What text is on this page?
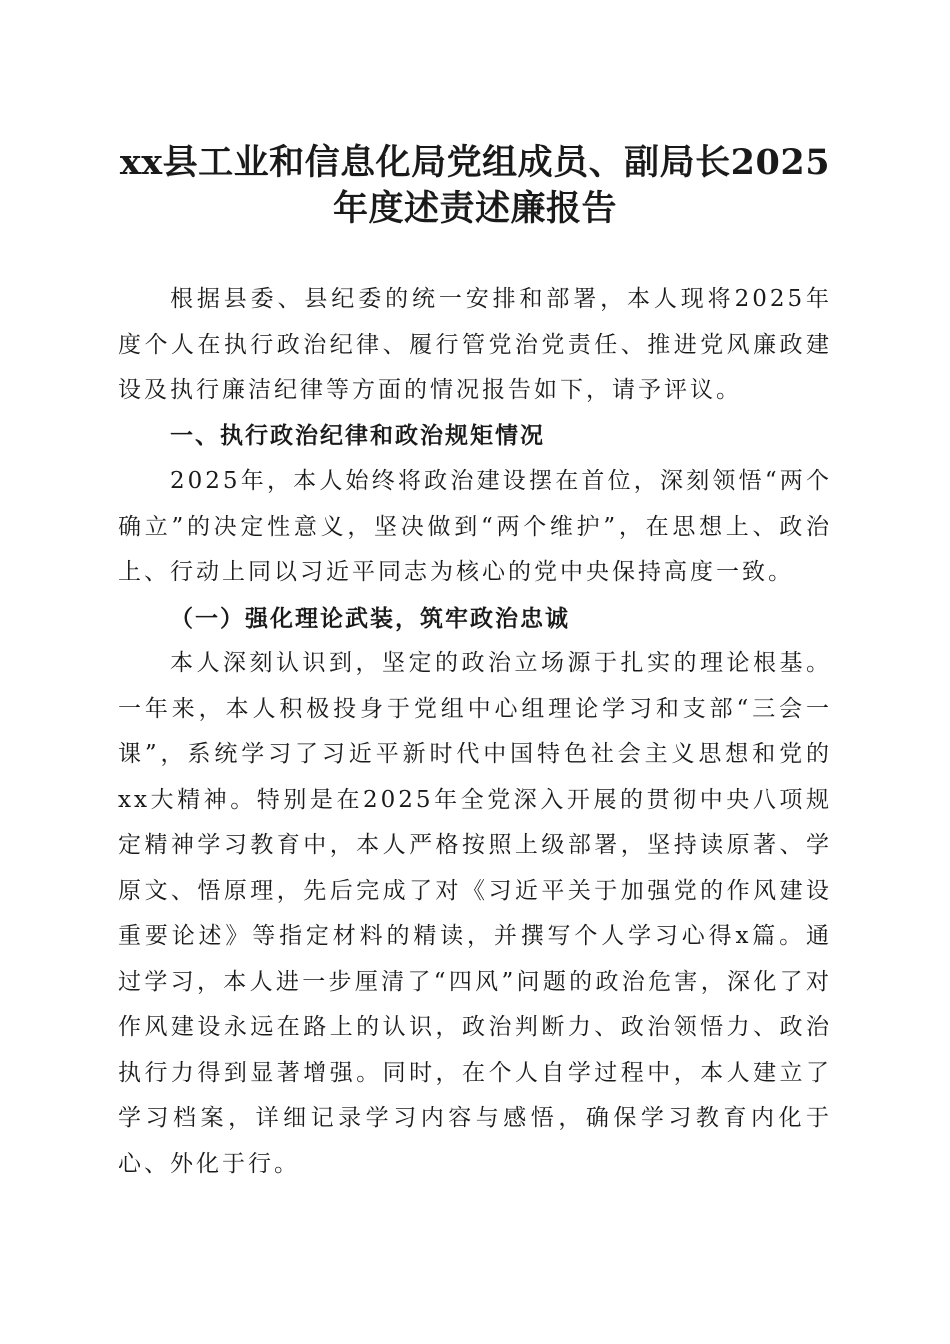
xx县工业和信息化局党组成员、副局长2025
年度述责述廉报告

根据县委、县纪委的统一安排和部署，本人现将2025年度个人在执行政治纪律、履行管党治党责任、推进党风廉政建设及执行廉洁纪律等方面的情况报告如下，请予评议。

一、执行政治纪律和政治规矩情况

2025年，本人始终将政治建设摆在首位，深刻领悟“两个确立”的决定性意义，坚决做到“两个维护”，在思想上、政治上、行动上同以习近平同志为核心的党中央保持高度一致。

（一）强化理论武装，筑牢政治忠诚

本人深刻认识到，坚定的政治立场源于扎实的理论根基。一年来，本人积极投身于党组中心组理论学习和支部“三会一课”，系统学习了习近平新时代中国特色社会主义思想和党的xx大精神。特别是在2025年全党深入开展的贯彻中央八项规定精神学习教育中，本人严格按照上级部署，坚持读原著、学原文、悟原理，先后完成了对《习近平关于加强党的作风建设重要论述》等指定材料的精读，并撰写个人学习心得x篇。通过学习，本人进一步厘清了“四风”问题的政治危害，深化了对作风建设永远在路上的认识，政治判断力、政治领悟力、政治执行力得到显著增强。同时，在个人自学过程中，本人建立了学习档案，详细记录学习内容与感悟，确保学习教育内化于心、外化于行。
